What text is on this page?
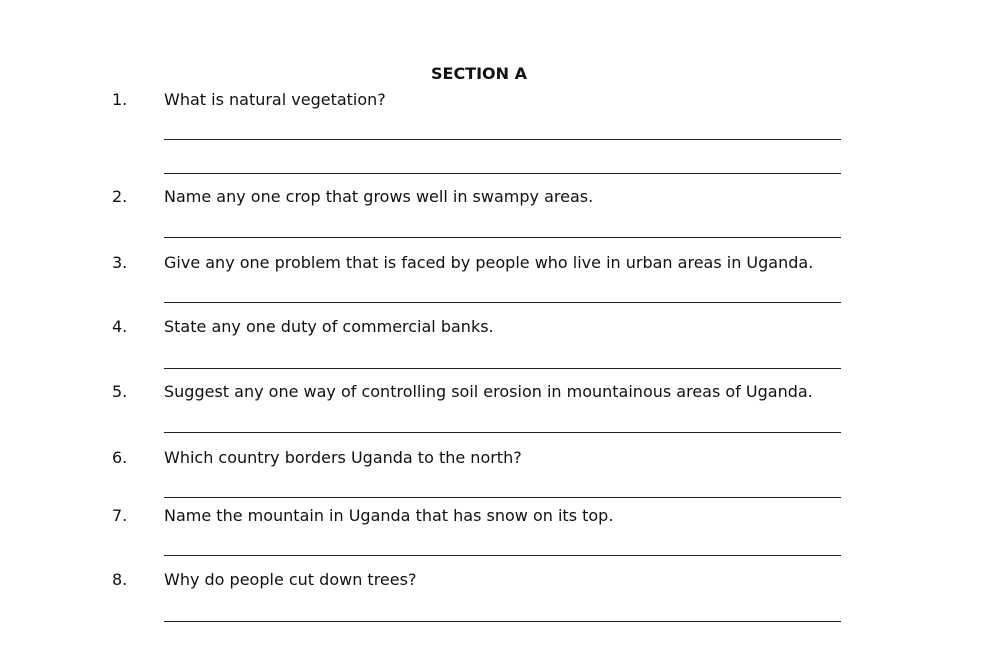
SECTION A
1. What is natural vegetation?
2. Name any one crop that grows well in swampy areas.
3. Give any one problem that is faced by people who live in urban areas in Uganda.
4. State any one duty of commercial banks.
5. Suggest any one way of controlling soil erosion in mountainous areas of Uganda.
6. Which country borders Uganda to the north?
7. Name the mountain in Uganda that has snow on its top.
8. Why do people cut down trees?
